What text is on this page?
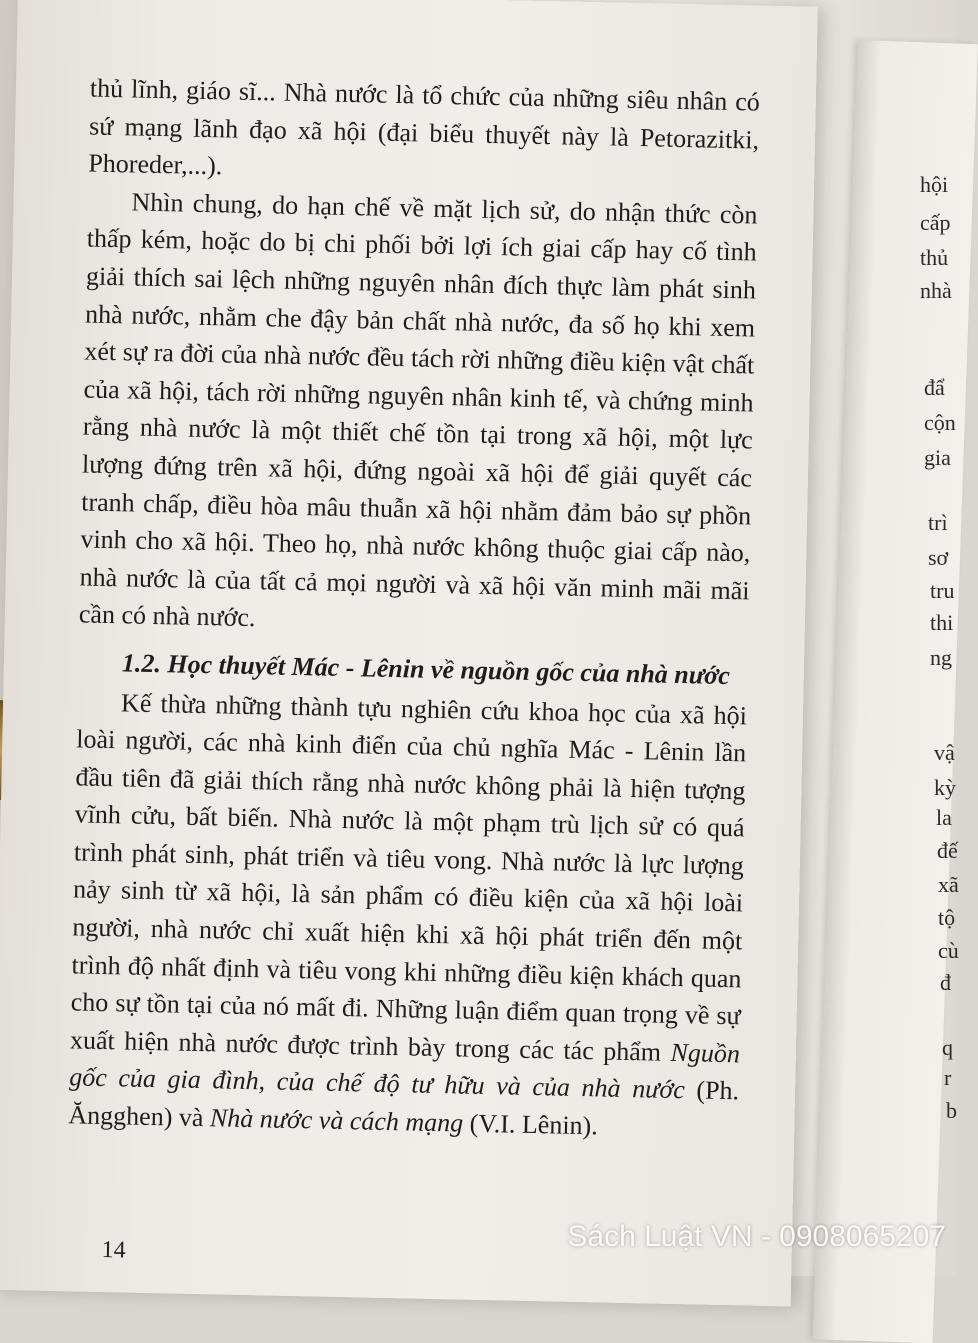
hội
cấp
thủ
nhà
đẩ
cộn
gia
trì
sơ
tru
thi
ng
vậ
kỳ
la
đế
xã
tộ
cù
đ
q
r
b

thủ lĩnh, giáo sĩ... Nhà nước là tổ chức của những siêu nhân có sứ mạng lãnh đạo xã hội (đại biểu thuyết này là Petorazitki, Phoreder,...).

Nhìn chung, do hạn chế về mặt lịch sử, do nhận thức còn thấp kém, hoặc do bị chi phối bởi lợi ích giai cấp hay cố tình giải thích sai lệch những nguyên nhân đích thực làm phát sinh nhà nước, nhằm che đậy bản chất nhà nước, đa số họ khi xem xét sự ra đời của nhà nước đều tách rời những điều kiện vật chất của xã hội, tách rời những nguyên nhân kinh tế, và chứng minh rằng nhà nước là một thiết chế tồn tại trong xã hội, một lực lượng đứng trên xã hội, đứng ngoài xã hội để giải quyết các tranh chấp, điều hòa mâu thuẫn xã hội nhằm đảm bảo sự phồn vinh cho xã hội. Theo họ, nhà nước không thuộc giai cấp nào, nhà nước là của tất cả mọi người và xã hội văn minh mãi mãi cần có nhà nước.

1.2. Học thuyết Mác - Lênin về nguồn gốc của nhà nước

Kế thừa những thành tựu nghiên cứu khoa học của xã hội loài người, các nhà kinh điển của chủ nghĩa Mác - Lênin lần đầu tiên đã giải thích rằng nhà nước không phải là hiện tượng vĩnh cửu, bất biến. Nhà nước là một phạm trù lịch sử có quá trình phát sinh, phát triển và tiêu vong. Nhà nước là lực lượng nảy sinh từ xã hội, là sản phẩm có điều kiện của xã hội loài người, nhà nước chỉ xuất hiện khi xã hội phát triển đến một trình độ nhất định và tiêu vong khi những điều kiện khách quan cho sự tồn tại của nó mất đi. Những luận điểm quan trọng về sự xuất hiện nhà nước được trình bày trong các tác phẩm Nguồn gốc của gia đình, của chế độ tư hữu và của nhà nước (Ph. Ăngghen) và Nhà nước và cách mạng (V.I. Lênin).

14	Sách Luật VN - 0908065207
